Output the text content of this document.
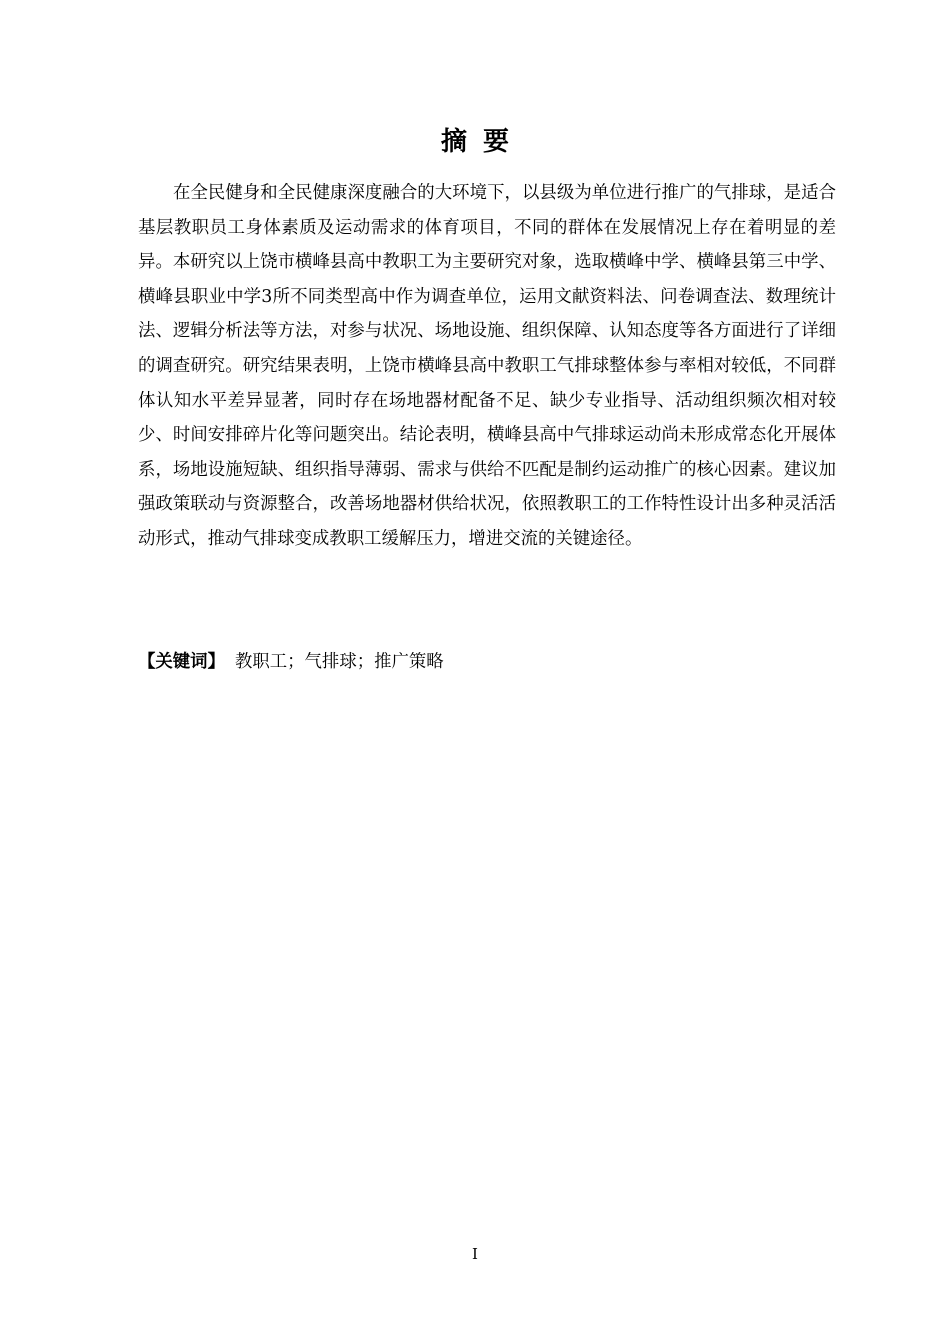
摘要

在全民健身和全民健康深度融合的大环境下，以县级为单位进行推广的气排球，是适合基层教职员工身体素质及运动需求的体育项目，不同的群体在发展情况上存在着明显的差异。本研究以上饶市横峰县高中教职工为主要研究对象，选取横峰中学、横峰县第三中学、横峰县职业中学3所不同类型高中作为调查单位，运用文献资料法、问卷调查法、数理统计法、逻辑分析法等方法，对参与状况、场地设施、组织保障、认知态度等各方面进行了详细的调查研究。研究结果表明，上饶市横峰县高中教职工气排球整体参与率相对较低，不同群体认知水平差异显著，同时存在场地器材配备不足、缺少专业指导、活动组织频次相对较少、时间安排碎片化等问题突出。结论表明，横峰县高中气排球运动尚未形成常态化开展体系，场地设施短缺、组织指导薄弱、需求与供给不匹配是制约运动推广的核心因素。建议加强政策联动与资源整合，改善场地器材供给状况，依照教职工的工作特性设计出多种灵活活动形式，推动气排球变成教职工缓解压力，增进交流的关键途径。

【关键词】 教职工；气排球；推广策略
I
